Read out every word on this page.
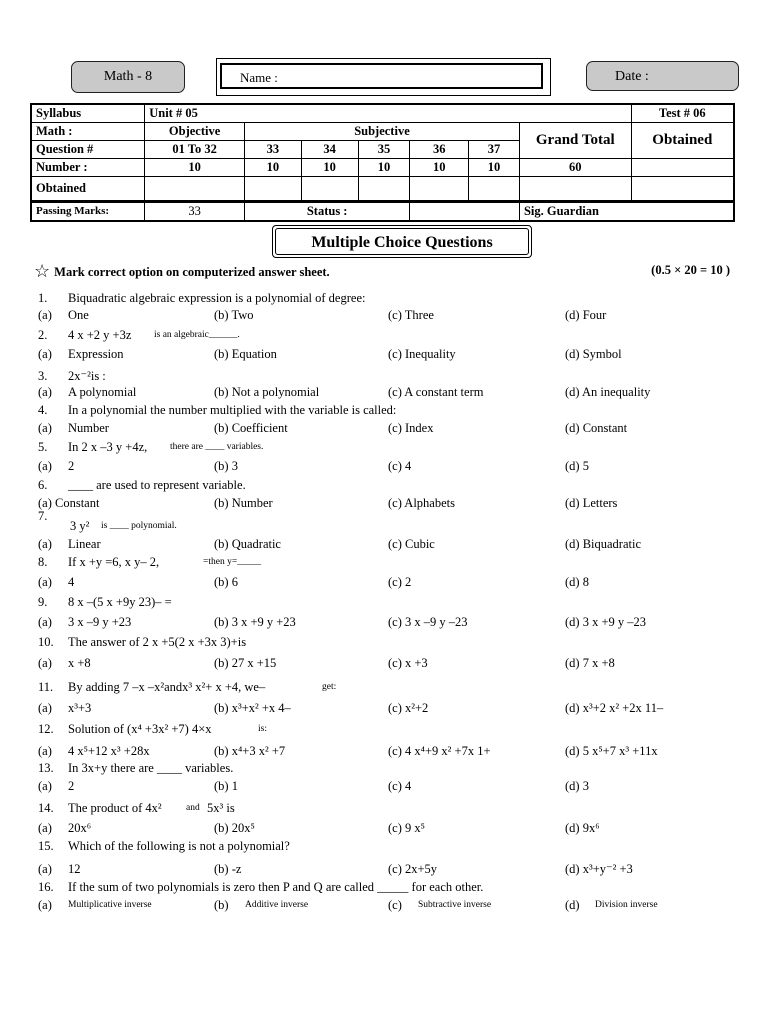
Math - 8	Name :	Date :
Syllabus	Unit # 05							Test # 06
Math :	Objective	Subjective					Grand Total	Obtained
Question #	01 To 32	33	34	35	36	37		
Number :	10	10	10	10	10	10	60	
Obtained								
Passing Marks:	33	Status :					Sig. Guardian	
Multiple Choice Questions
☆ Mark correct option on computerized answer sheet.	(0.5 × 20 = 10 )
1. Biquadratic algebraic expression is a polynomial of degree:
(a) One	(b) Two	(c) Three	(d) Four
2. 4 x +2 y +3z is an algebraic______.
(a) Expression	(b) Equation	(c) Inequality	(d) Symbol
3. 2x⁻²is :
(a) A polynomial	(b) Not a polynomial	(c) A constant term	(d) An inequality
4. In a polynomial the number multiplied with the variable is called:
(a) Number	(b) Coefficient	(c) Index	(d) Constant
5. In 2 x –3 y +4z, there are ____ variables.
(a) 2	(b) 3	(c) 4	(d) 5
6. ____ are used to represent variable.
(a) Constant	(b) Number	(c) Alphabets	(d) Letters
7.
3 y² is ____ polynomial.
(a) Linear	(b) Quadratic	(c) Cubic	(d) Biquadratic
8. If x +y =6, x y– 2,	=then y=_____
(a) 4	(b) 6	(c) 2	(d) 8
9. 8 x –(5 x +9y 23)– =
(a) 3 x –9 y +23	(b) 3 x +9 y +23	(c) 3 x –9 y –23	(d) 3 x +9 y –23
10. The answer of 2 x +5(2 x +3x 3)+is
(a) x +8	(b) 27 x +15	(c) x +3	(d) 7 x +8
11. By adding 7 –x –x²andx³ x²+ x +4, we–	get:
(a) x³+3	(b) x³+x² +x 4–	(c) x²+2	(d) x³+2 x² +2x 11–
12. Solution of (x⁴ +3x² +7) 4×x	is:
(a) 4 x⁵+12 x³ +28x	(b) x⁴+3 x² +7	(c) 4 x⁴+9 x² +7x 1+	(d) 5 x⁵+7 x³ +11x
13. In 3x+y there are ____ variables.
(a) 2	(b) 1	(c) 4	(d) 3
14. The product of 4x²	and 5x³ is
(a) 20x⁶	(b) 20x⁵	(c) 9 x⁵	(d) 9x⁶
15. Which of the following is not a polynomial?
(a) 12	(b) -z	(c) 2x+5y	(d) x³+y⁻² +3
16. If the sum of two polynomials is zero then P and Q are called _____ for each other.
(a) Multiplicative inverse	(b) Additive inverse	(c) Subtractive inverse	(d) Division inverse
